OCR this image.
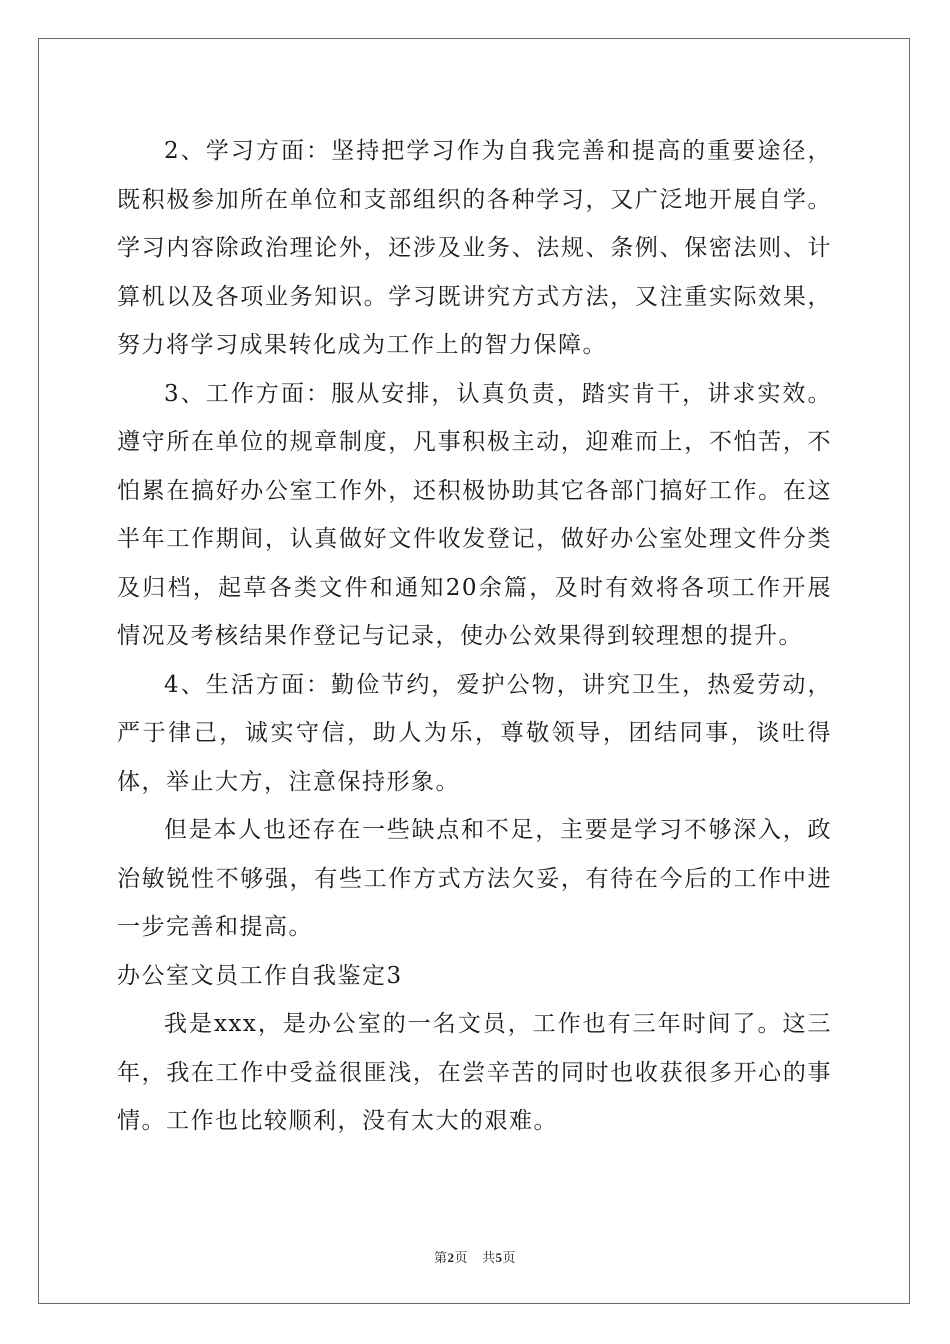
2、学习方面：坚持把学习作为自我完善和提高的重要途径，既积极参加所在单位和支部组织的各种学习，又广泛地开展自学。学习内容除政治理论外，还涉及业务、法规、条例、保密法则、计算机以及各项业务知识。学习既讲究方式方法，又注重实际效果，努力将学习成果转化成为工作上的智力保障。

3、工作方面：服从安排，认真负责，踏实肯干，讲求实效。遵守所在单位的规章制度，凡事积极主动，迎难而上，不怕苦，不怕累在搞好办公室工作外，还积极协助其它各部门搞好工作。在这半年工作期间，认真做好文件收发登记，做好办公室处理文件分类及归档，起草各类文件和通知20余篇，及时有效将各项工作开展情况及考核结果作登记与记录，使办公效果得到较理想的提升。

4、生活方面：勤俭节约，爱护公物，讲究卫生，热爱劳动，严于律己，诚实守信，助人为乐，尊敬领导，团结同事，谈吐得体，举止大方，注意保持形象。

但是本人也还存在一些缺点和不足，主要是学习不够深入，政治敏锐性不够强，有些工作方式方法欠妥，有待在今后的工作中进一步完善和提高。

办公室文员工作自我鉴定3

我是xxx，是办公室的一名文员，工作也有三年时间了。这三年，我在工作中受益很匪浅，在尝辛苦的同时也收获很多开心的事情。工作也比较顺利，没有太大的艰难。

第2页 共5页
